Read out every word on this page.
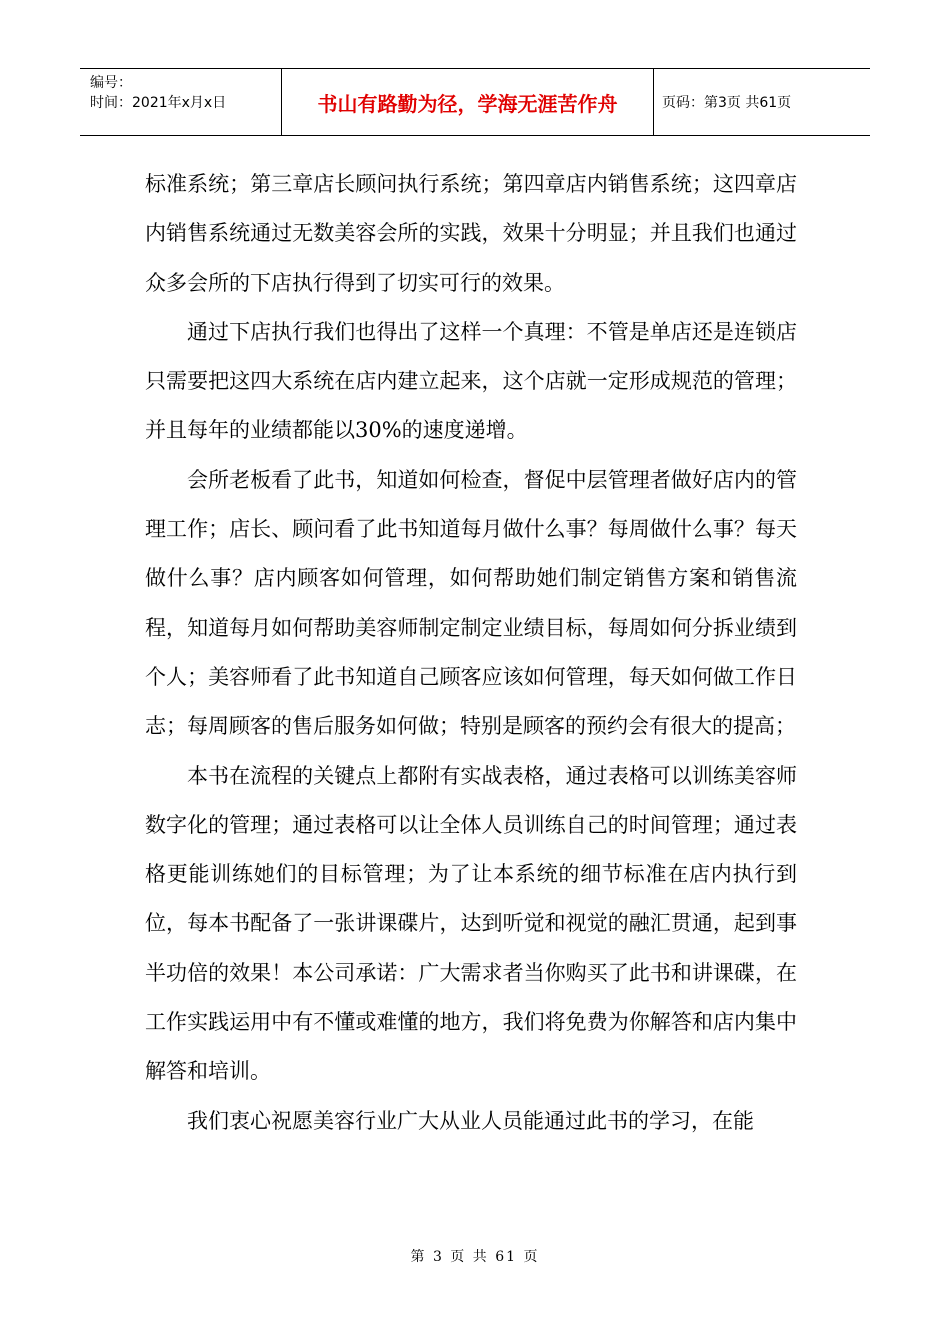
编号：
时间：2021年x月x日	书山有路勤为径，学海无涯苦作舟	页码：第3页 共61页

标准系统；第三章店长顾问执行系统；第四章店内销售系统；这四章店内销售系统通过无数美容会所的实践，效果十分明显；并且我们也通过众多会所的下店执行得到了切实可行的效果。

通过下店执行我们也得出了这样一个真理：不管是单店还是连锁店只需要把这四大系统在店内建立起来，这个店就一定形成规范的管理；并且每年的业绩都能以30%的速度递增。

会所老板看了此书，知道如何检查，督促中层管理者做好店内的管理工作；店长、顾问看了此书知道每月做什么事？每周做什么事？每天做什么事？店内顾客如何管理，如何帮助她们制定销售方案和销售流程，知道每月如何帮助美容师制定制定业绩目标，每周如何分拆业绩到个人；美容师看了此书知道自己顾客应该如何管理，每天如何做工作日志；每周顾客的售后服务如何做；特别是顾客的预约会有很大的提高；

本书在流程的关键点上都附有实战表格，通过表格可以训练美容师数字化的管理；通过表格可以让全体人员训练自己的时间管理；通过表格更能训练她们的目标管理；为了让本系统的细节标准在店内执行到位，每本书配备了一张讲课碟片，达到听觉和视觉的融汇贯通，起到事半功倍的效果！本公司承诺：广大需求者当你购买了此书和讲课碟，在工作实践运用中有不懂或难懂的地方，我们将免费为你解答和店内集中解答和培训。

我们衷心祝愿美容行业广大从业人员能通过此书的学习，在能

第 3 页 共 61 页
